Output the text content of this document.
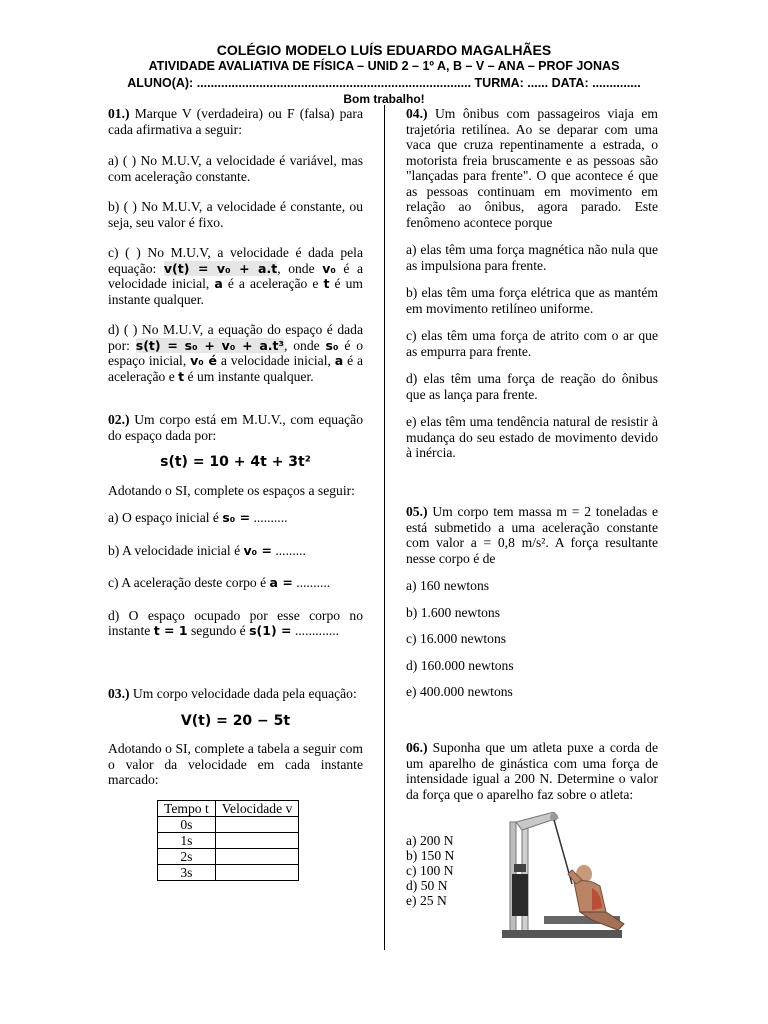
COLÉGIO MODELO LUÍS EDUARDO MAGALHÃES
ATIVIDADE AVALIATIVA DE FÍSICA – UNID 2 – 1º A, B – V – ANA – PROF JONAS
ALUNO(A): ............................................................................... TURMA: ...... DATA: ..............
Bom trabalho!

01.) Marque V (verdadeira) ou F (falsa) para cada afirmativa a seguir:

a) ( ) No M.U.V, a velocidade é variável, mas com aceleração constante.

b) ( ) No M.U.V, a velocidade é constante, ou seja, seu valor é fixo.

c) ( ) No M.U.V, a velocidade é dada pela equação: v(t) = v₀ + a.t, onde v₀ é a velocidade inicial, a é a aceleração e t é um instante qualquer.

d) ( ) No M.U.V, a equação do espaço é dada por: s(t) = s₀ + v₀ + a.t³, onde s₀ é o espaço inicial, v₀ é a velocidade inicial, a é a aceleração e t é um instante qualquer.

02.) Um corpo está em M.U.V., com equação do espaço dada por:

s(t) = 10 + 4t + 3t²

Adotando o SI, complete os espaços a seguir:

a) O espaço inicial é s₀ = ..........

b) A velocidade inicial é v₀ = .........

c) A aceleração deste corpo é a = ..........

d) O espaço ocupado por esse corpo no instante t = 1 segundo é s(1) = .............

03.) Um corpo velocidade dada pela equação:

V(t) = 20 − 5t

Adotando o SI, complete a tabela a seguir com o valor da velocidade em cada instante marcado:

Tempo t	Velocidade v
0s	
1s	
2s	
3s	

04.) Um ônibus com passageiros viaja em trajetória retilínea. Ao se deparar com uma vaca que cruza repentinamente a estrada, o motorista freia bruscamente e as pessoas são "lançadas para frente". O que acontece é que as pessoas continuam em movimento em relação ao ônibus, agora parado. Este fenômeno acontece porque

a) elas têm uma força magnética não nula que as impulsiona para frente.

b) elas têm uma força elétrica que as mantém em movimento retilíneo uniforme.

c) elas têm uma força de atrito com o ar que as empurra para frente.

d) elas têm uma força de reação do ônibus que as lança para frente.

e) elas têm uma tendência natural de resistir à mudança do seu estado de movimento devido à inércia.

05.) Um corpo tem massa m = 2 toneladas e está submetido a uma aceleração constante com valor a = 0,8 m/s². A força resultante nesse corpo é de

a) 160 newtons

b) 1.600 newtons

c) 16.000 newtons

d) 160.000 newtons

e) 400.000 newtons

06.) Suponha que um atleta puxe a corda de um aparelho de ginástica com uma força de intensidade igual a 200 N. Determine o valor da força que o aparelho faz sobre o atleta:

a) 200 N
b) 150 N
c) 100 N
d) 50 N
e) 25 N
